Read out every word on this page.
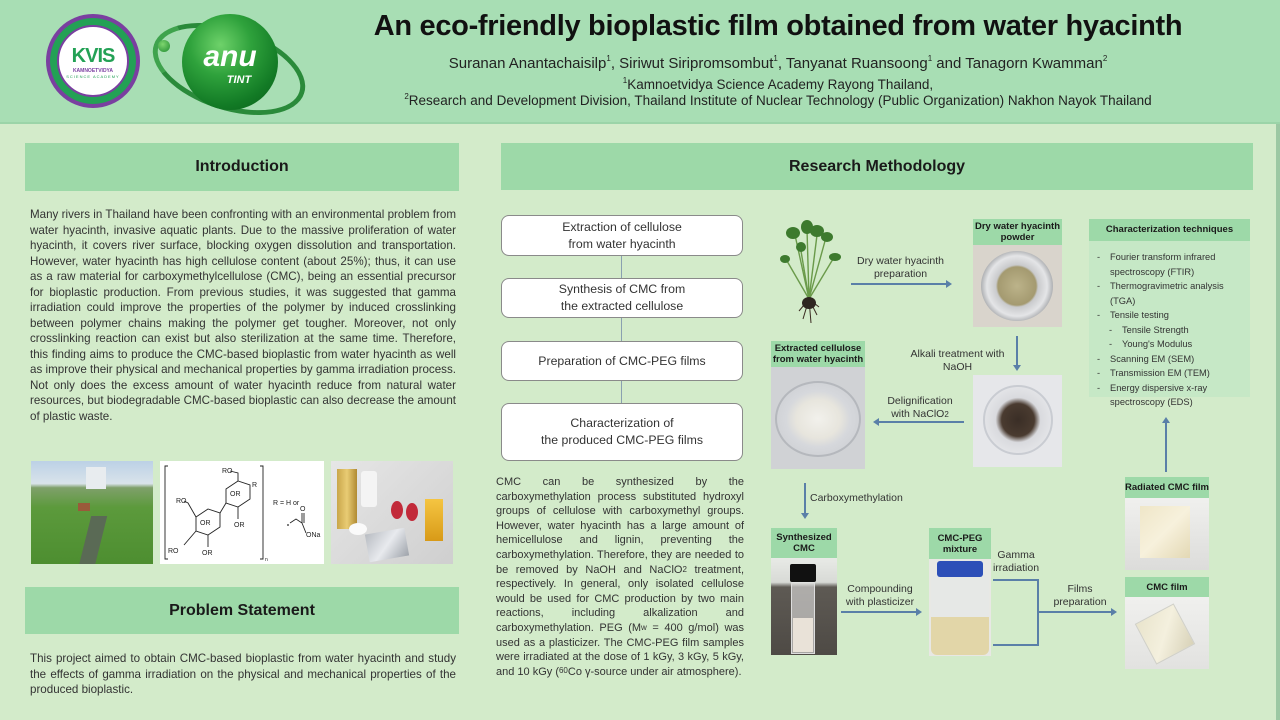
KVIS
KAMNOETVIDYA
SCIENCE ACADEMY
anu
TINT
An eco-friendly bioplastic film obtained from water hyacinth
Suranan Anantachaisilp$^1$, Siriwut Siripromsombut$^1$, Tanyanat Ruansoong$^1$ and Tanagorn Kwamman$^2$
$^1$Kamnoetvidya Science Academy Rayong Thailand,
$^2$Research and Development Division, Thailand Institute of Nuclear Technology (Public Organization) Nakhon Nayok Thailand
Introduction
Many rivers in Thailand have been confronting with an environmental problem from water hyacinth, invasive aquatic plants. Due to the massive proliferation of water hyacinth, it covers river surface, blocking oxygen dissolution and transportation. However, water hyacinth has high cellulose content (about 25%); thus, it can use as a raw material for carboxymethylcellulose (CMC), being an essential precursor for bioplastic production. From previous studies, it was suggested that gamma irradiation could improve the properties of the polymer by induced crosslinking between polymer chains making the polymer get tougher. Moreover, not only crosslinking reaction can exist but also sterilization at the same time. Therefore, this finding aims to produce the CMC-based bioplastic from water hyacinth as well as improve their physical and mechanical properties by gamma irradiation process. Not only does the excess amount of water hyacinth reduce from natural water resources, but biodegradable CMC-based bioplastic can also decrease the amount of plastic waste.
OR
OR
RO
RO
RO	OR
OR
R
R = H or
ONa
O
n
Problem Statement
This project aimed to obtain CMC-based bioplastic from water hyacinth and study the effects of gamma irradiation on the physical and mechanical properties of the produced bioplastic.
Research Methodology
Extraction of cellulose
from water hyacinth
Synthesis of CMC from
the extracted cellulose
Preparation of CMC-PEG films
Characterization of
the produced CMC-PEG films
CMC can be synthesized by the carboxymethylation process substituted hydroxyl groups of cellulose with carboxymethyl groups. However, water hyacinth has a large amount of hemicellulose and lignin, preventing the carboxymethylation. Therefore, they are needed to be removed by NaOH and NaClO2 treatment, respectively. In general, only isolated cellulose would be used for CMC production by two main reactions, including alkalization and carboxymethylation. PEG (Mw = 400 g/mol) was used as a plasticizer. The CMC-PEG film samples were irradiated at the dose of 1 kGy, 3 kGy, 5 kGy, and 10 kGy ($^{60}$Co γ-source under air atmosphere).
Dry water hyacinth
preparation
Dry water hyacinth powder
Alkali treatment with
NaOH
Delignification
with NaClO2
Extracted cellulose from water hyacinth
Carboxymethylation
Synthesized CMC
Compounding
with plasticizer
CMC-PEG mixture	Gamma
irradiation
Films
preparation
Radiated CMC film
CMC film
Characterization techniques
- Fourier transform infrared spectroscopy (FTIR)
- Thermogravimetric analysis (TGA)
- Tensile testing
- Tensile Strength
- Young's Modulus
- Scanning EM (SEM)
- Transmission EM (TEM)
- Energy dispersive x-ray spectroscopy (EDS)
